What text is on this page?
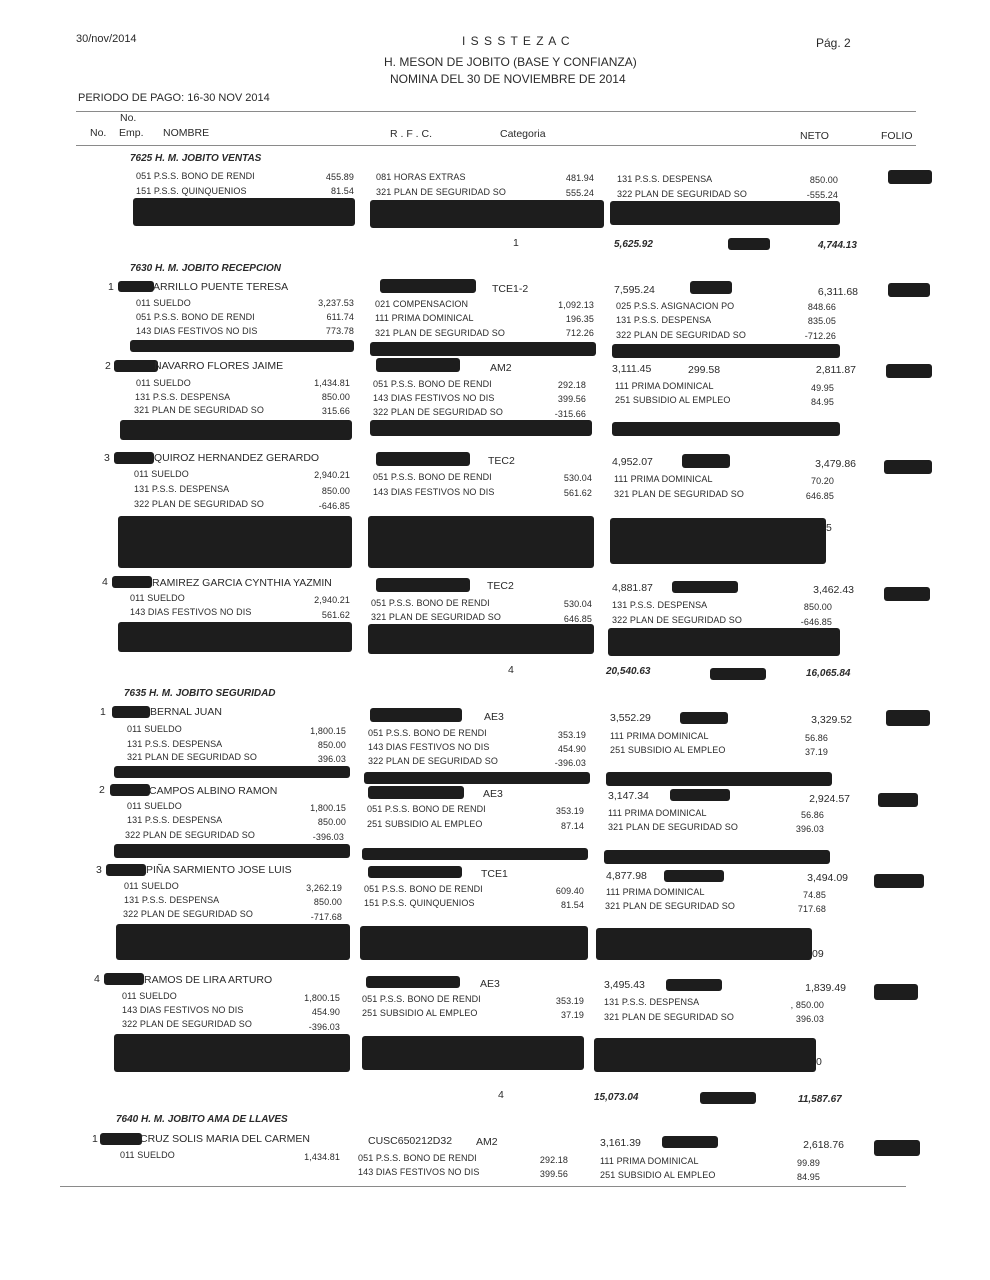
30/nov/2014	I S S S T E Z A C	Pág. 2
H. MESON DE JOBITO (BASE Y CONFIANZA)
NOMINA DEL 30 DE NOVIEMBRE DE 2014
PERIODO DE PAGO: 16-30 NOV 2014
No.
No. Emp. NOMBRE	R . F . C.	Categoria	NETO	FOLIO
7625 H. M. JOBITO VENTAS
051 P.S.S. BONO DE RENDI	455.89 081 HORAS EXTRAS	481.94	131 P.S.S. DESPENSA	850.00
151 P.S.S. QUINQUENIOS	81.54 321 PLAN DE SEGURIDAD SO	555.24	322 PLAN DE SEGURIDAD SO	-555.24
1	5,625.92	4,744.13
7630 H. M. JOBITO RECEPCION
1	ARRILLO PUENTE TERESA	TCE1-2	7,595.24	6,311.68
011 SUELDO	3,237.53 021 COMPENSACION	1,092.13 025 P.S.S. ASIGNACION PO	848.66
051 P.S.S. BONO DE RENDI	611.74 111 PRIMA DOMINICAL	196.35 131 P.S.S. DESPENSA	835.05
143 DIAS FESTIVOS NO DIS	773.78 321 PLAN DE SEGURIDAD SO	712.26 322 PLAN DE SEGURIDAD SO	-712.26
2	NAVARRO FLORES JAIME	AM2	3,111.45	299.58	2,811.87
011 SUELDO	1,434.81	051 P.S.S. BONO DE RENDI	292.18	111 PRIMA DOMINICAL	49.95
131 P.S.S. DESPENSA	850.00	143 DIAS FESTIVOS NO DIS	399.56	251 SUBSIDIO AL EMPLEO	84.95
321 PLAN DE SEGURIDAD SO	315.66	322 PLAN DE SEGURIDAD SO	-315.66
3	QUIROZ HERNANDEZ GERARDO	TEC2	4,952.07	3,479.86
011 SUELDO	2,940.21	051 P.S.S. BONO DE RENDI	530.04 111 PRIMA DOMINICAL	70.20
131 P.S.S. DESPENSA	850.00	143 DIAS FESTIVOS NO DIS	561.62 321 PLAN DE SEGURIDAD SO	646.85
322 PLAN DE SEGURIDAD SO	-646.85
5
4	RAMIREZ GARCIA CYNTHIA YAZMIN	TEC2	4,881.87	3,462.43
011 SUELDO	2,940.21 051 P.S.S. BONO DE RENDI	530.04 131 P.S.S. DESPENSA	850.00
143 DIAS FESTIVOS NO DIS	561.62 321 PLAN DE SEGURIDAD SO	646.85 322 PLAN DE SEGURIDAD SO	-646.85
4	20,540.63	16,065.84
7635 H. M. JOBITO SEGURIDAD
1	BERNAL JUAN	AE3	3,552.29	3,329.52
011 SUELDO	1,800.15 051 P.S.S. BONO DE RENDI	353.19	111 PRIMA DOMINICAL	56.86
131 P.S.S. DESPENSA	850.00 143 DIAS FESTIVOS NO DIS	454.90	251 SUBSIDIO AL EMPLEO	37.19
321 PLAN DE SEGURIDAD SO	396.03 322 PLAN DE SEGURIDAD SO	-396.03
2	CAMPOS ALBINO RAMON	AE3	3,147.34	2,924.57
011 SUELDO	1,800.15 051 P.S.S. BONO DE RENDI	353.19	111 PRIMA DOMINICAL	56.86
131 P.S.S. DESPENSA	850.00 251 SUBSIDIO AL EMPLEO	87.14	321 PLAN DE SEGURIDAD SO	396.03
322 PLAN DE SEGURIDAD SO	-396.03
3	PIÑA SARMIENTO JOSE LUIS	TCE1	4,877.98	3,494.09
011 SUELDO	3,262.19 051 P.S.S. BONO DE RENDI	609.40 111 PRIMA DOMINICAL	74.85
131 P.S.S. DESPENSA	850.00 151 P.S.S. QUINQUENIOS	81.54 321 PLAN DE SEGURIDAD SO	717.68
322 PLAN DE SEGURIDAD SO	-717.68
09
4	RAMOS DE LIRA ARTURO	AE3	3,495.43	1,839.49
011 SUELDO	1,800.15 051 P.S.S. BONO DE RENDI	353.19 131 P.S.S. DESPENSA	, 850.00
143 DIAS FESTIVOS NO DIS	454.90 251 SUBSIDIO AL EMPLEO	37.19 321 PLAN DE SEGURIDAD SO	396.03
322 PLAN DE SEGURIDAD SO	-396.03
0
4	15,073.04	11,587.67
7640 H. M. JOBITO AMA DE LLAVES
1	CRUZ SOLIS MARIA DEL CARMEN	CUSC650212D32 AM2	3,161.39	2,618.76
011 SUELDO	1,434.81 051 P.S.S. BONO DE RENDI	292.18	111 PRIMA DOMINICAL	99.89
143 DIAS FESTIVOS NO DIS	399.56	251 SUBSIDIO AL EMPLEO	84.95
